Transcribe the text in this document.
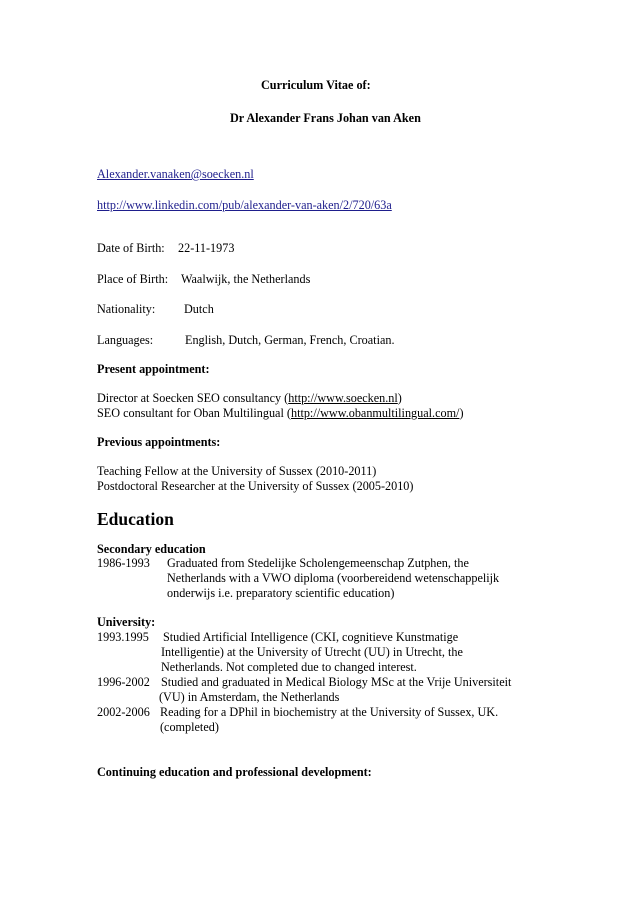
Curriculum Vitae of:
Dr Alexander Frans Johan van Aken
Alexander.vanaken@soecken.nl
http://www.linkedin.com/pub/alexander-van-aken/2/720/63a
Date of Birth: 22-11-1973
Place of Birth: Waalwijk, the Netherlands
Nationality: Dutch
Languages:	English, Dutch, German, French, Croatian.
Present appointment:
Director at Soecken SEO consultancy (http://www.soecken.nl)
SEO consultant for Oban Multilingual (http://www.obanmultilingual.com/)
Previous appointments:
Teaching Fellow at the University of Sussex (2010-2011)
Postdoctoral Researcher at the University of Sussex (2005-2010)
Education
Secondary education
1986-1993 Graduated from Stedelijke Scholengemeenschap Zutphen, the
Netherlands with a VWO diploma (voorbereidend wetenschappelijk
onderwijs i.e. preparatory scientific education)
University:
1993.1995 Studied Artificial Intelligence (CKI, cognitieve Kunstmatige
Intelligentie) at the University of Utrecht (UU) in Utrecht, the
Netherlands. Not completed due to changed interest.
1996-2002 Studied and graduated in Medical Biology MSc at the Vrije Universiteit
(VU) in Amsterdam, the Netherlands
2002-2006 Reading for a DPhil in biochemistry at the University of Sussex, UK.
(completed)
Continuing education and professional development:
